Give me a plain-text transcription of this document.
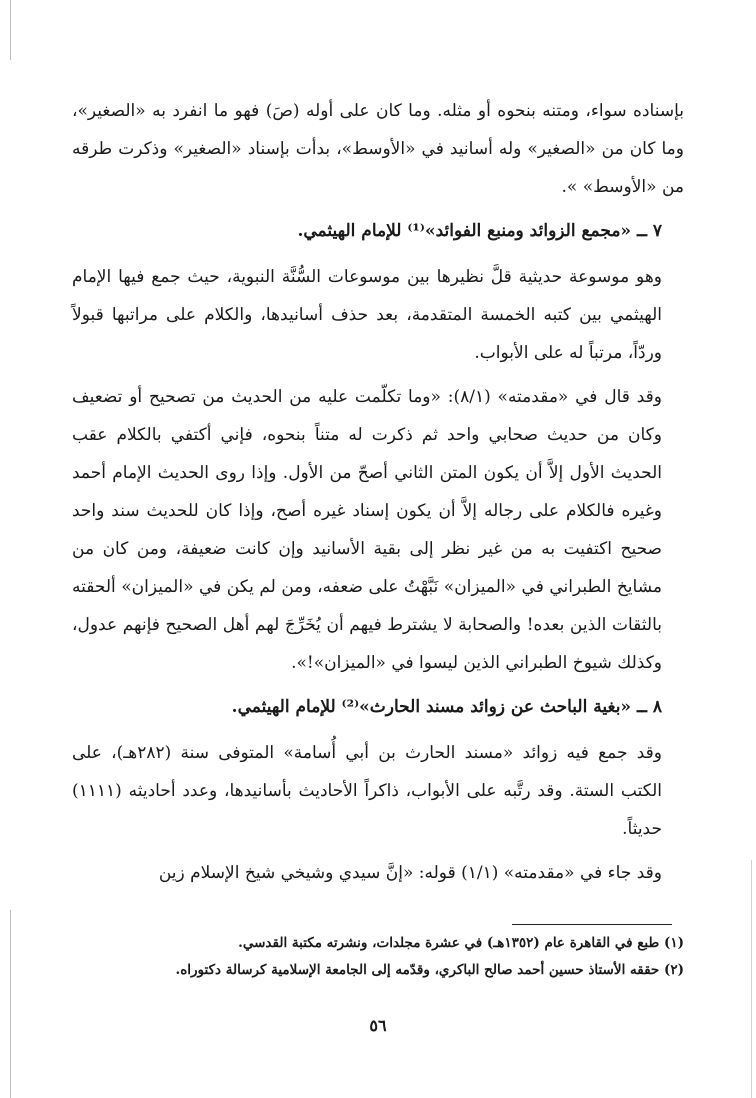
بإسناده سواء، ومتنه بنحوه أو مثله. وما كان على أوله (صَ) فهو ما انفرد به «الصغير»، وما كان من «الصغير» وله أسانيد في «الأوسط»، بدأت بإسناد «الصغير» وذكرت طرقه من «الأوسط» ».

٧ ــ «مجمع الزوائد ومنبع الفوائد»⁽¹⁾ للإمام الهيثمي.

وهو موسوعة حديثية قلَّ نظيرها بين موسوعات السُّنَّة النبوية، حيث جمع فيها الإمام الهيثمي بين كتبه الخمسة المتقدمة، بعد حذف أسانيدها، والكلام على مراتبها قبولاً وردّاً، مرتباً له على الأبواب.

وقد قال في «مقدمته» (٨/١): «وما تكلّمت عليه من الحديث من تصحيح أو تضعيف وكان من حديث صحابي واحد ثم ذكرت له متناً بنحوه، فإني أكتفي بالكلام عقب الحديث الأول إلاَّ أن يكون المتن الثاني أصحّ من الأول. وإذا روى الحديث الإمام أحمد وغيره فالكلام على رجاله إلاَّ أن يكون إسناد غيره أصح، وإذا كان للحديث سند واحد صحيح اكتفيت به من غير نظر إلى بقية الأسانيد وإن كانت ضعيفة، ومن كان من مشايخ الطبراني في «الميزان» نَبَّهْتُ على ضعفه، ومن لم يكن في «الميزان» ألحقته بالثقات الذين بعده! والصحابة لا يشترط فيهم أن يُخَرِّجَ لهم أهل الصحيح فإنهم عدول، وكذلك شيوخ الطبراني الذين ليسوا في «الميزان»!».

٨ ــ «بغية الباحث عن زوائد مسند الحارث»⁽²⁾ للإمام الهيثمي.

وقد جمع فيه زوائد «مسند الحارث بن أبي أُسامة» المتوفى سنة (٢٨٢هـ)، على الكتب الستة. وقد رتَّبه على الأبواب، ذاكراً الأحاديث بأسانيدها، وعدد أحاديثه (١١١١) حديثاً.

وقد جاء في «مقدمته» (١/١) قوله: «إنَّ سيدي وشيخي شيخ الإسلام زين

(١) طبع في القاهرة عام (١٣٥٢هـ) في عشرة مجلدات، ونشرته مكتبة القدسي.

(٢) حققه الأستاذ حسين أحمد صالح الباكري، وقدّمه إلى الجامعة الإسلامية كرسالة دكتوراه.

٥٦
